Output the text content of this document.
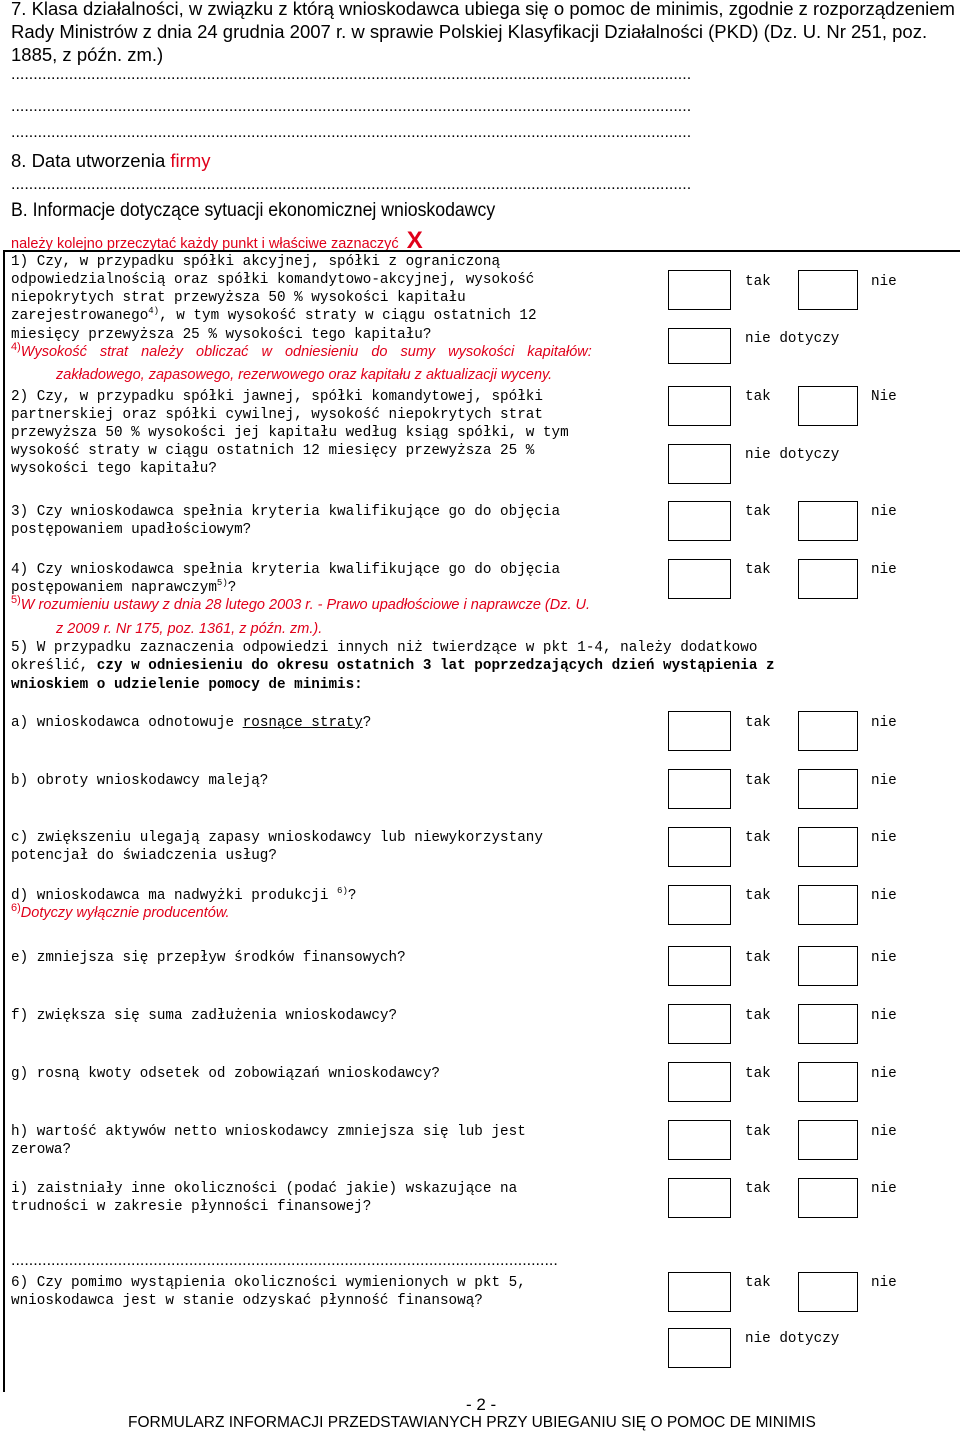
7. Klasa działalności, w związku z którą wnioskodawca ubiega się o pomoc de minimis, zgodnie z rozporządzeniem Rady Ministrów z dnia 24 grudnia 2007 r. w sprawie Polskiej Klasyfikacji Działalności (PKD) (Dz. U. Nr 251, poz. 1885, z późn. zm.)
.........................................................................................................................................................
.........................................................................................................................................................
.........................................................................................................................................................
8. Data utworzenia firmy
.........................................................................................................................................................
B. Informacje dotyczące sytuacji ekonomicznej wnioskodawcy
należy kolejno przeczytać każdy punkt i właściwe zaznaczyć X
1) Czy, w przypadku spółki akcyjnej, spółki z ograniczoną
odpowiedzialnością oraz spółki komandytowo-akcyjnej, wysokość
niepokrytych strat przewyższa 50 % wysokości kapitału
zarejestrowanego$^{4)}$, w tym wysokość straty w ciągu ostatnich 12
miesięcy przewyższa 25 % wysokości tego kapitału?
$^{4)}$Wysokość strat należy obliczać w odniesieniu do sumy wysokości kapitałów:
zakładowego, zapasowego, rezerwowego oraz kapitału z aktualizacji wyceny.
tak	nie
nie dotyczy
2) Czy, w przypadku spółki jawnej, spółki komandytowej, spółki
partnerskiej oraz spółki cywilnej, wysokość niepokrytych strat
przewyższa 50 % wysokości jej kapitału według ksiąg spółki, w tym
wysokość straty w ciągu ostatnich 12 miesięcy przewyższa 25 %
wysokości tego kapitału?
tak	Nie
nie dotyczy
3) Czy wnioskodawca spełnia kryteria kwalifikujące go do objęcia
postępowaniem upadłościowym?
tak	nie
4) Czy wnioskodawca spełnia kryteria kwalifikujące go do objęcia
postępowaniem naprawczym$^{5)}$?
$^{5)}$W rozumieniu ustawy z dnia 28 lutego 2003 r. - Prawo upadłościowe i naprawcze (Dz. U.
z 2009 r. Nr 175, poz. 1361, z późn. zm.).
tak	nie
5) W przypadku zaznaczenia odpowiedzi innych niż twierdzące w pkt 1-4, należy dodatkowo
określić, czy w odniesieniu do okresu ostatnich 3 lat poprzedzających dzień wystąpienia z
wnioskiem o udzielenie pomocy de minimis:
a) wnioskodawca odnotowuje rosnące straty?	tak	nie
b) obroty wnioskodawcy maleją?	tak	nie
c) zwiększeniu ulegają zapasy wnioskodawcy lub niewykorzystany
potencjał do świadczenia usług?
tak	nie
d) wnioskodawca ma nadwyżki produkcji $^{6)}$?
$^{6)}$Dotyczy wyłącznie producentów.
tak	nie
e) zmniejsza się przepływ środków finansowych?	tak	nie
f) zwiększa się suma zadłużenia wnioskodawcy?	tak	nie
g) rosną kwoty odsetek od zobowiązań wnioskodawcy?	tak	nie
h) wartość aktywów netto wnioskodawcy zmniejsza się lub jest
zerowa?
tak	nie
i) zaistniały inne okoliczności (podać jakie) wskazujące na
trudności w zakresie płynności finansowej?
tak	nie
...........................................................................................................................
6) Czy pomimo wystąpienia okoliczności wymienionych w pkt 5,
wnioskodawca jest w stanie odzyskać płynność finansową?
tak	nie
nie dotyczy
- 2 -
FORMULARZ INFORMACJI PRZEDSTAWIANYCH PRZY UBIEGANIU SIĘ O POMOC DE MINIMIS
